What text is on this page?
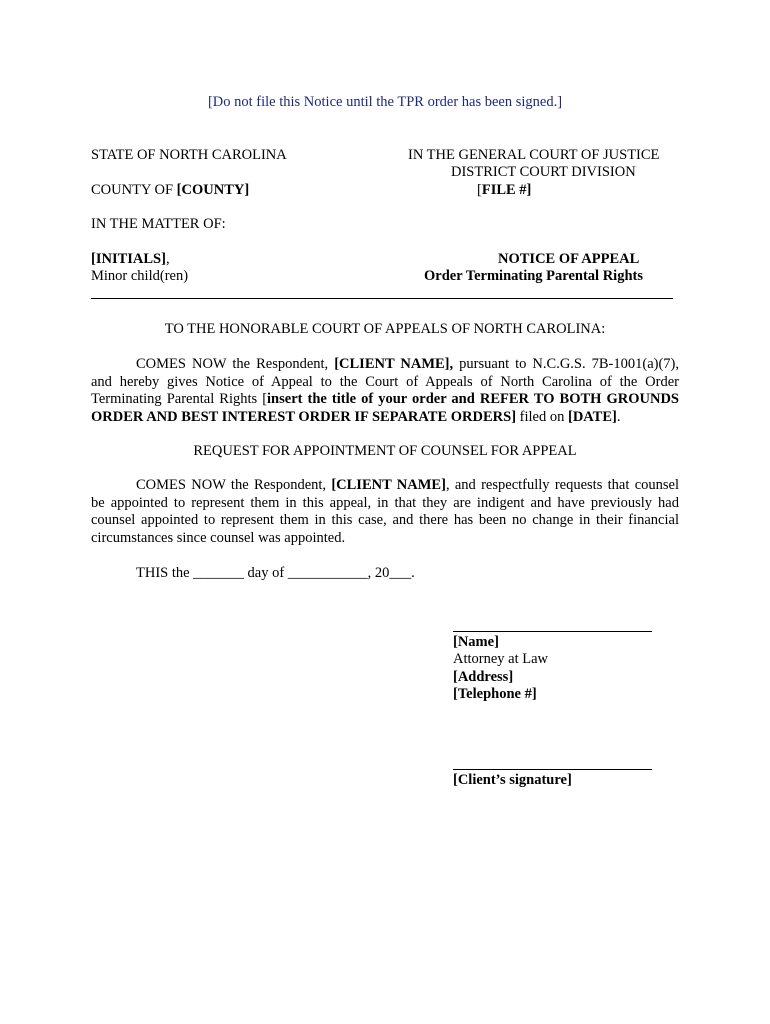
[Do not file this Notice until the TPR order has been signed.]
STATE OF NORTH CAROLINA
COUNTY OF [COUNTY]
IN THE MATTER OF:
[INITIALS],
Minor child(ren)
IN THE GENERAL COURT OF JUSTICE
DISTRICT COURT DIVISION
[FILE #]
NOTICE OF APPEAL
Order Terminating Parental Rights
TO THE HONORABLE COURT OF APPEALS OF NORTH CAROLINA:
COMES NOW the Respondent, [CLIENT NAME], pursuant to N.C.G.S. 7B-1001(a)(7), and hereby gives Notice of Appeal to the Court of Appeals of North Carolina of the Order Terminating Parental Rights [insert the title of your order and REFER TO BOTH GROUNDS ORDER AND BEST INTEREST ORDER IF SEPARATE ORDERS] filed on [DATE].
REQUEST FOR APPOINTMENT OF COUNSEL FOR APPEAL
COMES NOW the Respondent, [CLIENT NAME], and respectfully requests that counsel be appointed to represent them in this appeal, in that they are indigent and have previously had counsel appointed to represent them in this case, and there has been no change in their financial circumstances since counsel was appointed.
THIS the _______ day of ___________, 20___.
[Name]
Attorney at Law
[Address]
[Telephone #]
[Client’s signature]
